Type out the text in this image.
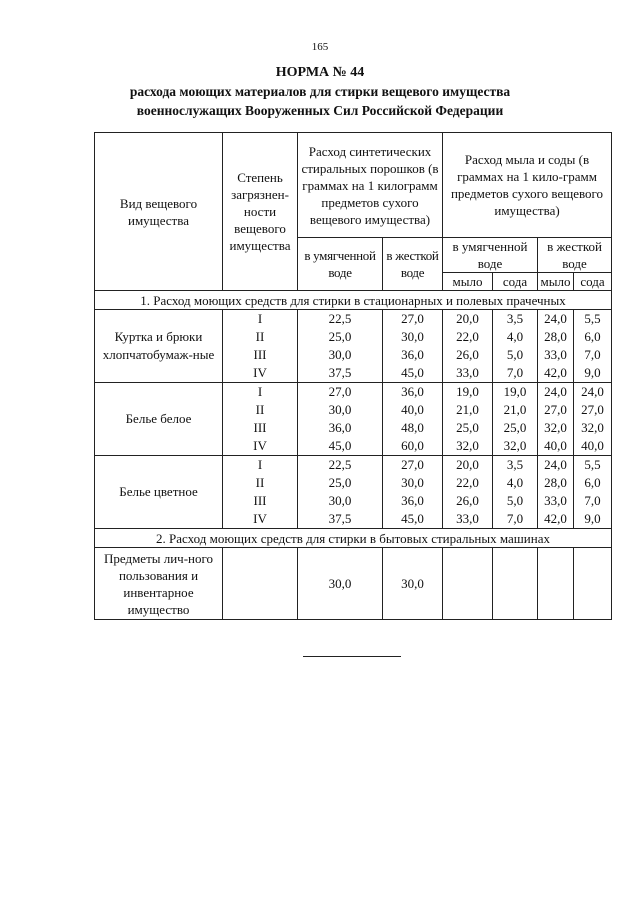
165
НОРМА № 44
расхода моющих материалов для стирки вещевого имущества
военнослужащих Вооруженных Сил Российской Федерации
Вид вещевого имущества	Степень загрязнен-ности вещевого имущества	Расход синтетических стиральных порошков (в граммах на 1 килограмм предметов сухого вещевого имущества)		Расход мыла и соды (в граммах на 1 кило-грамм предметов сухого вещевого имущества)			
		в умягченной воде	в жесткой воде	в умягченной воде		в жесткой воде	
				мыло	сода	мыло	сода
1. Расход моющих средств для стирки в стационарных и полевых прачечных							
Куртка и брюки хлопчатобумаж-ные	I	22,5	27,0	20,0	3,5	24,0	5,5
	II	25,0	30,0	22,0	4,0	28,0	6,0
	III	30,0	36,0	26,0	5,0	33,0	7,0
	IV	37,5	45,0	33,0	7,0	42,0	9,0
Белье белое	I	27,0	36,0	19,0	19,0	24,0	24,0
	II	30,0	40,0	21,0	21,0	27,0	27,0
	III	36,0	48,0	25,0	25,0	32,0	32,0
	IV	45,0	60,0	32,0	32,0	40,0	40,0
Белье цветное	I	22,5	27,0	20,0	3,5	24,0	5,5
	II	25,0	30,0	22,0	4,0	28,0	6,0
	III	30,0	36,0	26,0	5,0	33,0	7,0
	IV	37,5	45,0	33,0	7,0	42,0	9,0
2. Расход моющих средств для стирки в бытовых стиральных машинах							
Предметы лич-ного пользования и инвентарное имущество		30,0	30,0				
